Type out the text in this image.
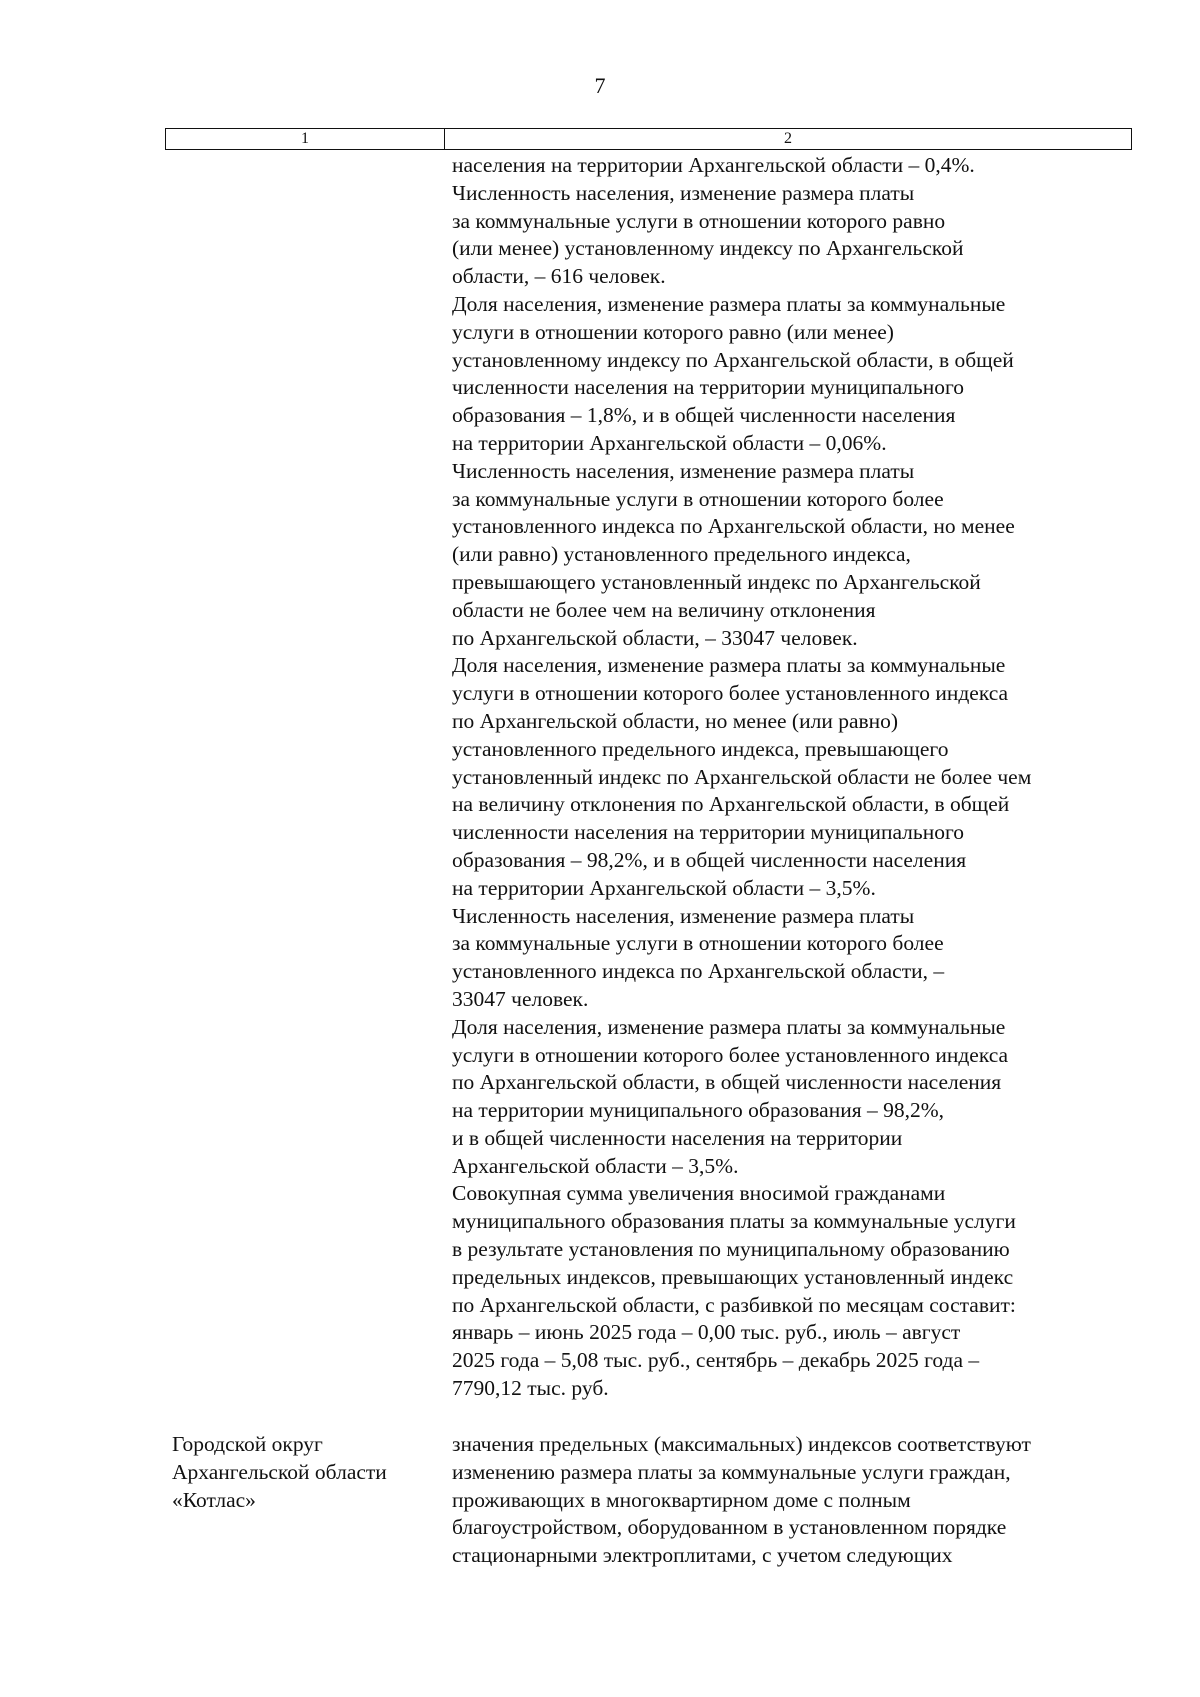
7
1	2
населения на территории Архангельской области – 0,4%.
Численность населения, изменение размера платы
за коммунальные услуги в отношении которого равно
(или менее) установленному индексу по Архангельской
области, – 616 человек.
Доля населения, изменение размера платы за коммунальные
услуги в отношении которого равно (или менее)
установленному индексу по Архангельской области, в общей
численности населения на территории муниципального
образования – 1,8%, и в общей численности населения
на территории Архангельской области – 0,06%.
Численность населения, изменение размера платы
за коммунальные услуги в отношении которого более
установленного индекса по Архангельской области, но менее
(или равно) установленного предельного индекса,
превышающего установленный индекс по Архангельской
области не более чем на величину отклонения
по Архангельской области, – 33047 человек.
Доля населения, изменение размера платы за коммунальные
услуги в отношении которого более установленного индекса
по Архангельской области, но менее (или равно)
установленного предельного индекса, превышающего
установленный индекс по Архангельской области не более чем
на величину отклонения по Архангельской области, в общей
численности населения на территории муниципального
образования – 98,2%, и в общей численности населения
на территории Архангельской области – 3,5%.
Численность населения, изменение размера платы
за коммунальные услуги в отношении которого более
установленного индекса по Архангельской области, –
33047 человек.
Доля населения, изменение размера платы за коммунальные
услуги в отношении которого более установленного индекса
по Архангельской области, в общей численности населения
на территории муниципального образования – 98,2%,
и в общей численности населения на территории
Архангельской области – 3,5%.
Совокупная сумма увеличения вносимой гражданами
муниципального образования платы за коммунальные услуги
в результате установления по муниципальному образованию
предельных индексов, превышающих установленный индекс
по Архангельской области, с разбивкой по месяцам составит:
январь – июнь 2025 года – 0,00 тыс. руб., июль – август
2025 года – 5,08 тыс. руб., сентябрь – декабрь 2025 года –
7790,12 тыс. руб.
Городской округ
Архангельской области
«Котлас»
значения предельных (максимальных) индексов соответствуют
изменению размера платы за коммунальные услуги граждан,
проживающих в многоквартирном доме с полным
благоустройством, оборудованном в установленном порядке
стационарными электроплитами, с учетом следующих
